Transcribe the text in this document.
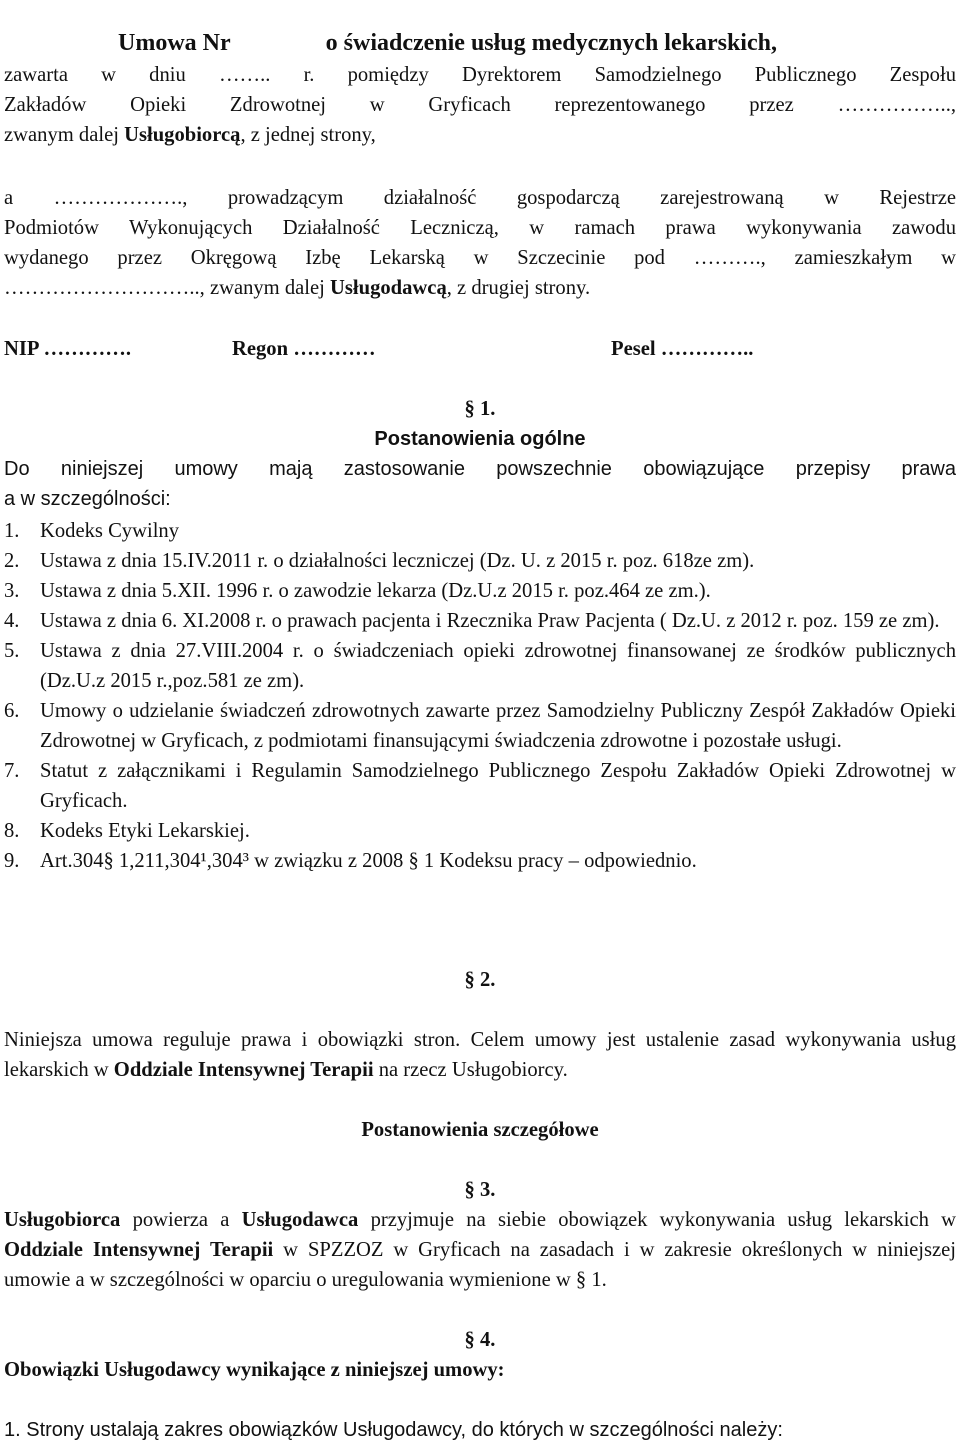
Umowa Nr	o świadczenie usług medycznych lekarskich,

zawarta w dniu …….. r. pomiędzy Dyrektorem Samodzielnego Publicznego Zespołu
Zakładów Opieki Zdrowotnej w Gryficach reprezentowanego przez ……………..,
zwanym dalej Usługobiorcą, z jednej strony,
a ………………., prowadzącym działalność gospodarczą zarejestrowaną w Rejestrze
Podmiotów Wykonujących Działalność Leczniczą, w ramach prawa wykonywania zawodu
wydanego przez Okręgową Izbę Lekarską w Szczecinie pod ………., zamieszkałym w
……………………….., zwanym dalej Usługodawcą, z drugiej strony.
NIP ………….	Regon …………	Pesel …………..
§ 1.
Postanowienia ogólne
Do niniejszej umowy mają zastosowanie powszechnie obowiązujące przepisy prawa
a w szczególności:
1. Kodeks Cywilny
2. Ustawa z dnia 15.IV.2011 r. o działalności leczniczej (Dz. U. z 2015 r. poz. 618ze zm).
3. Ustawa z dnia 5.XII. 1996 r. o zawodzie lekarza (Dz.U.z 2015 r. poz.464 ze zm.).
4. Ustawa z dnia 6. XI.2008 r. o prawach pacjenta i Rzecznika Praw Pacjenta ( Dz.U. z 2012 r. poz. 159 ze zm).
5. Ustawa z dnia 27.VIII.2004 r. o świadczeniach opieki zdrowotnej finansowanej ze środków publicznych (Dz.U.z 2015 r.,poz.581 ze zm).
6. Umowy o udzielanie świadczeń zdrowotnych zawarte przez Samodzielny Publiczny Zespół Zakładów Opieki Zdrowotnej w Gryficach, z podmiotami finansującymi świadczenia zdrowotne i pozostałe usługi.
7. Statut z załącznikami i Regulamin Samodzielnego Publicznego Zespołu Zakładów Opieki Zdrowotnej w Gryficach.
8. Kodeks Etyki Lekarskiej.
9. Art.304§ 1,211,304¹,304³ w związku z 2008 § 1 Kodeksu pracy – odpowiednio.
§ 2.
Niniejsza umowa reguluje prawa i obowiązki stron. Celem umowy jest ustalenie zasad wykonywania usług lekarskich w Oddziale Intensywnej Terapii na rzecz Usługobiorcy.
Postanowienia szczegółowe
§ 3.
Usługobiorca powierza a Usługodawca przyjmuje na siebie obowiązek wykonywania usług lekarskich w Oddziale Intensywnej Terapii w SPZZOZ w Gryficach na zasadach i w zakresie określonych w niniejszej umowie a w szczególności w oparciu o uregulowania wymienione w § 1.
§ 4.
Obowiązki Usługodawcy wynikające z niniejszej umowy:
1. Strony ustalają zakres obowiązków Usługodawcy, do których w szczególności należy:
